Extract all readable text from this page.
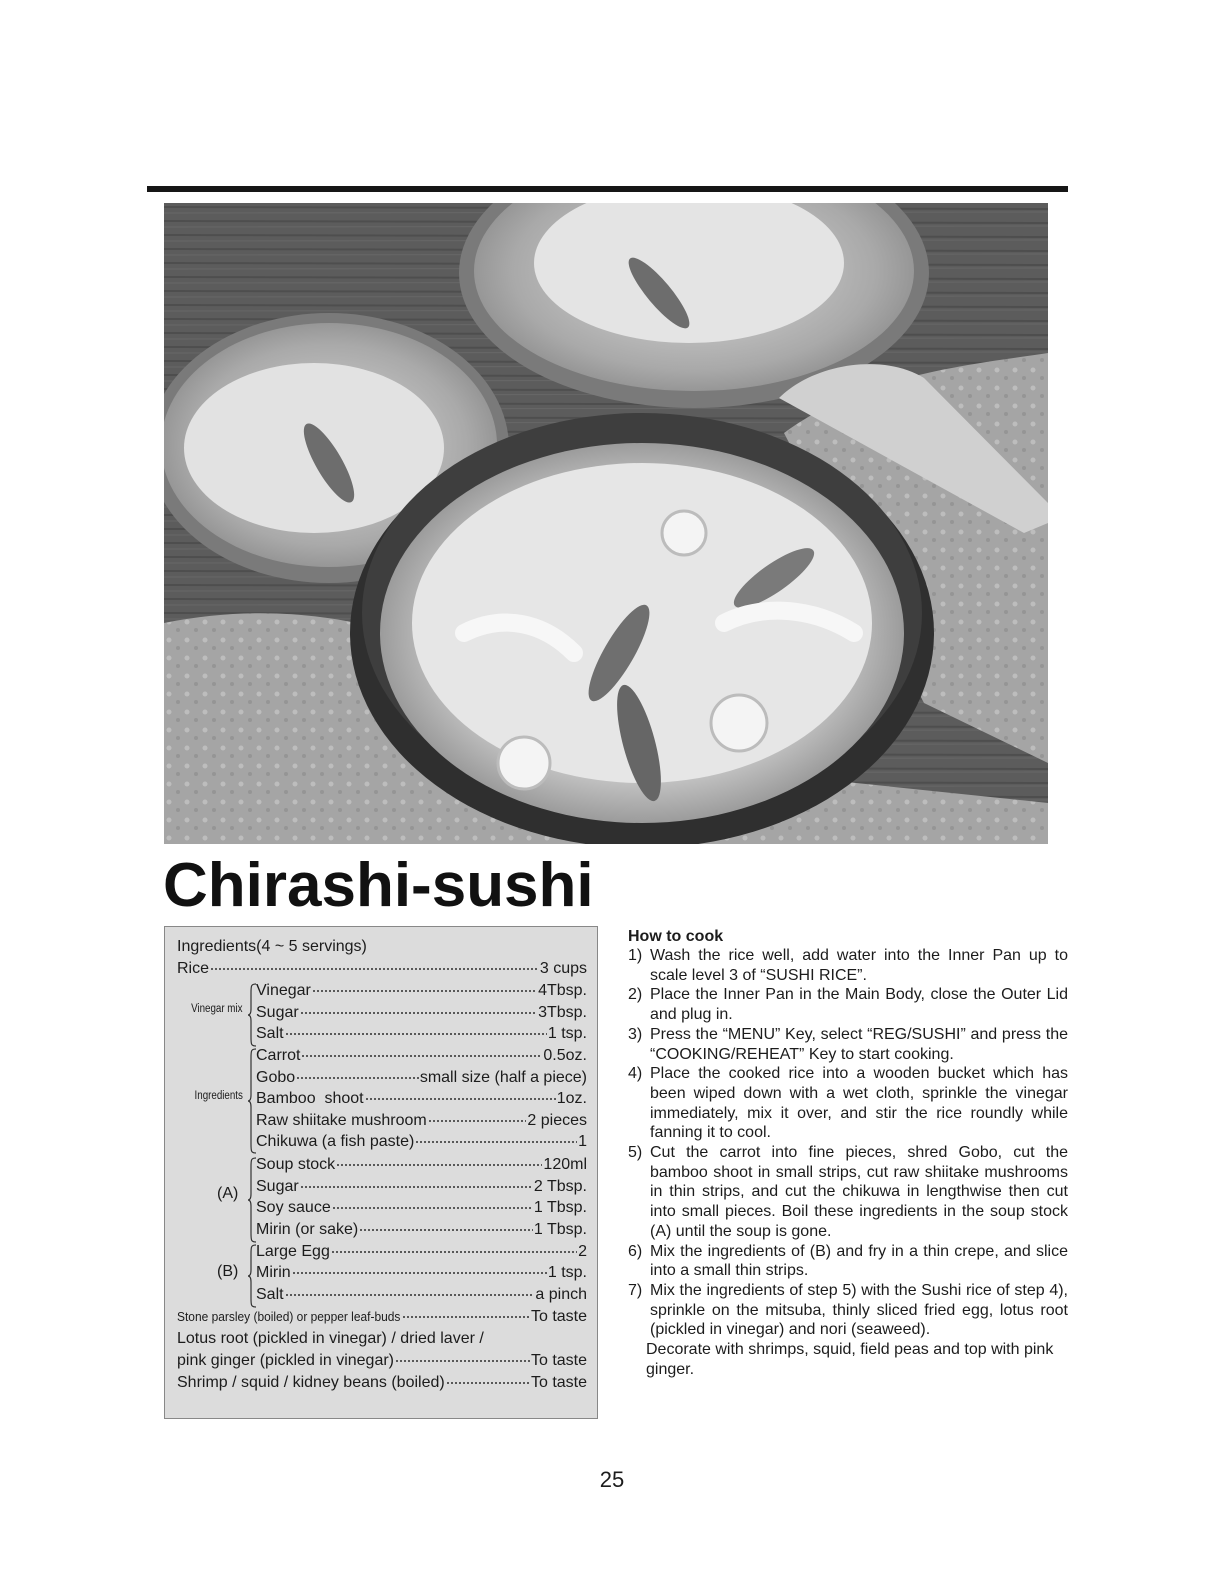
Chirashi-sushi
Ingredients(4 ~ 5 servings)
Rice	3 cups
Vinegar mix
Vinegar	4Tbsp.
Sugar	3Tbsp.
Salt	1 tsp.
Ingredients
Carrot	0.5oz.
Gobo	small size (half a piece)
Bamboo  shoot	1oz.
Raw shiitake mushroom	2 pieces
Chikuwa (a fish paste)	1
(A)
Soup stock	120ml
Sugar	2 Tbsp.
Soy sauce	1 Tbsp.
Mirin (or sake)	1 Tbsp.
(B)
Large Egg	2
Mirin	1 tsp.
Salt	a pinch
Stone parsley (boiled) or pepper leaf-buds	To taste
Lotus root (pickled in vinegar) / dried laver /
pink ginger (pickled in vinegar)	To taste
Shrimp / squid / kidney beans (boiled)	To taste
How to cook
1) Wash the rice well, add water into the Inner Pan up to scale level 3 of “SUSHI RICE”.
2) Place the Inner Pan in the Main Body, close the Outer Lid and plug in.
3) Press the “MENU” Key, select “REG/SUSHI” and press the “COOKING/REHEAT” Key to start cooking.
4) Place the cooked rice into a wooden bucket which has been wiped down with a wet cloth, sprinkle the vinegar immediately, mix it over, and stir the rice roundly while fanning it to cool.
5) Cut the carrot into fine pieces, shred Gobo, cut the bamboo shoot in small strips, cut raw shiitake mushrooms in thin strips, and cut the chikuwa in lengthwise then cut into small pieces. Boil these ingredients in the soup stock (A) until the soup is gone.
6) Mix the ingredients of (B) and fry in a thin crepe, and slice into a small thin strips.
7) Mix the ingredients of step 5) with the Sushi rice of step 4), sprinkle on the mitsuba, thinly sliced fried egg, lotus root (pickled in vinegar) and nori (seaweed).
Decorate with shrimps, squid, field peas and top with pink ginger.
25
